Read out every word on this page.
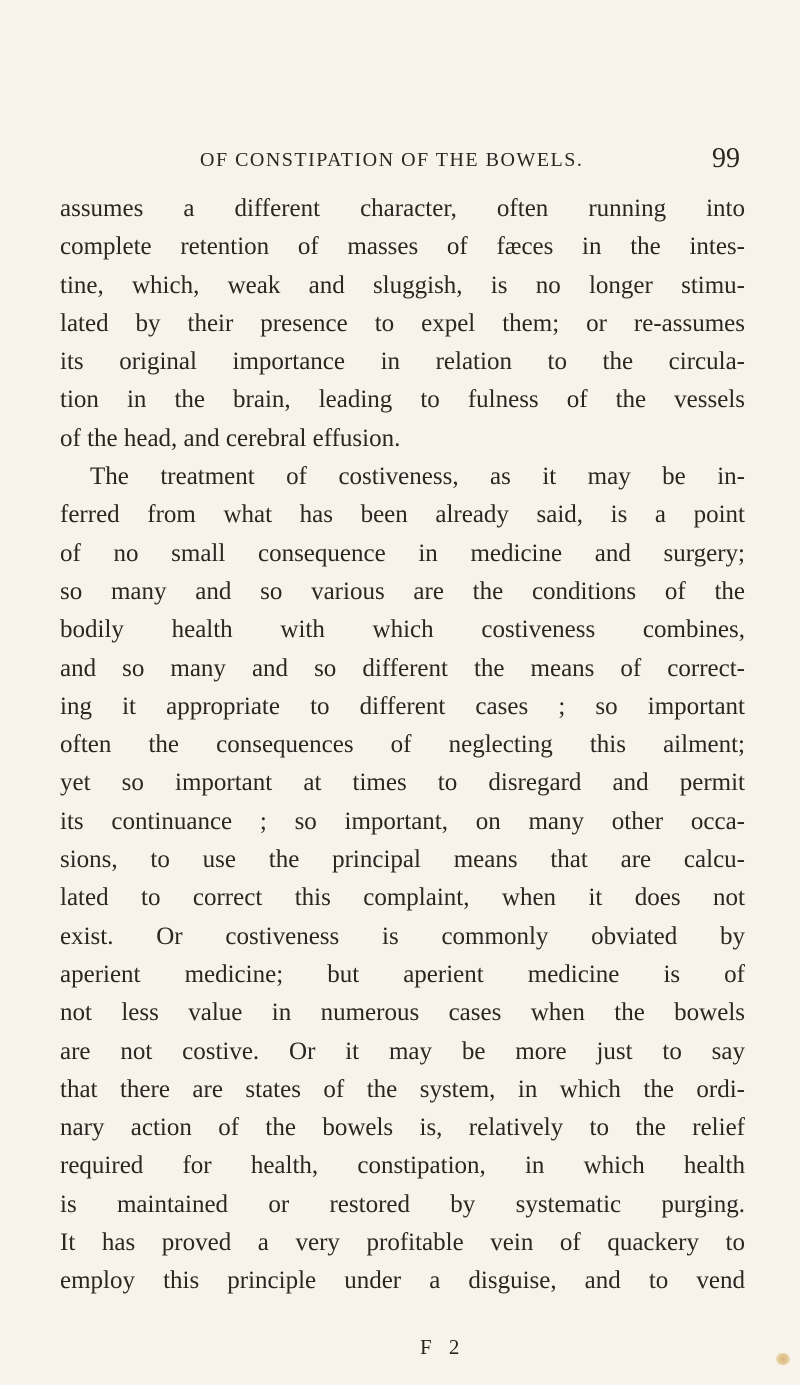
OF CONSTIPATION OF THE BOWELS.	99
assumes a different character, often running into
complete retention of masses of fæces in the intes-
tine, which, weak and sluggish, is no longer stimu-
lated by their presence to expel them; or re-assumes
its original importance in relation to the circula-
tion in the brain, leading to fulness of the vessels
of the head, and cerebral effusion.
The treatment of costiveness, as it may be in-
ferred from what has been already said, is a point
of no small consequence in medicine and surgery;
so many and so various are the conditions of the
bodily health with which costiveness combines,
and so many and so different the means of correct-
ing it appropriate to different cases ; so important
often the consequences of neglecting this ailment;
yet so important at times to disregard and permit
its continuance ; so important, on many other occa-
sions, to use the principal means that are calcu-
lated to correct this complaint, when it does not
exist. Or costiveness is commonly obviated by
aperient medicine; but aperient medicine is of
not less value in numerous cases when the bowels
are not costive. Or it may be more just to say
that there are states of the system, in which the ordi-
nary action of the bowels is, relatively to the relief
required for health, constipation, in which health
is maintained or restored by systematic purging.
It has proved a very profitable vein of quackery to
employ this principle under a disguise, and to vend
F 2
